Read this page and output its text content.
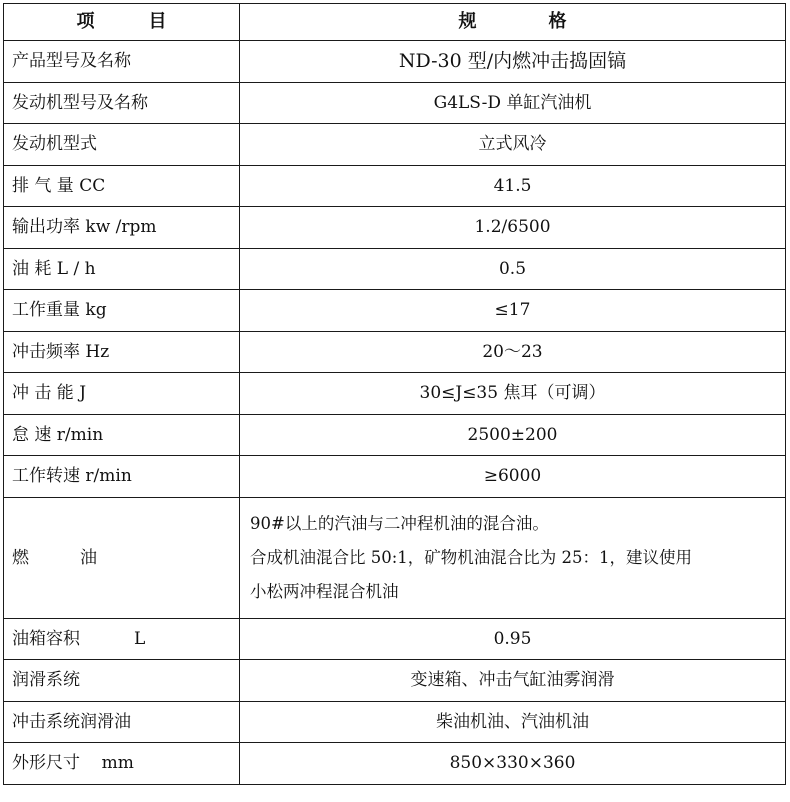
项　　　目	规　　　　格
产品型号及名称	ND-30 型/内燃冲击捣固镐
发动机型号及名称	G4LS-D 单缸汽油机
发动机型式	立式风冷
排 气 量 CC	41.5
输出功率 kw /rpm	1.2/6500
油 耗 L / h	0.5
工作重量 kg	≤17
冲击频率 Hz	20～23
冲 击 能 J	30≤J≤35 焦耳（可调）
怠 速 r/min	2500±200
工作转速 r/min	≥6000
燃　　　油	90#以上的汽油与二冲程机油的混合油。
合成机油混合比 50:1，矿物机油混合比为 25：1，建议使用
小松两冲程混合机油

油箱容积          L	0.95
润滑系统	变速箱、冲击气缸油雾润滑
冲击系统润滑油	柴油机油、汽油机油
外形尺寸    mm	850×330×360
